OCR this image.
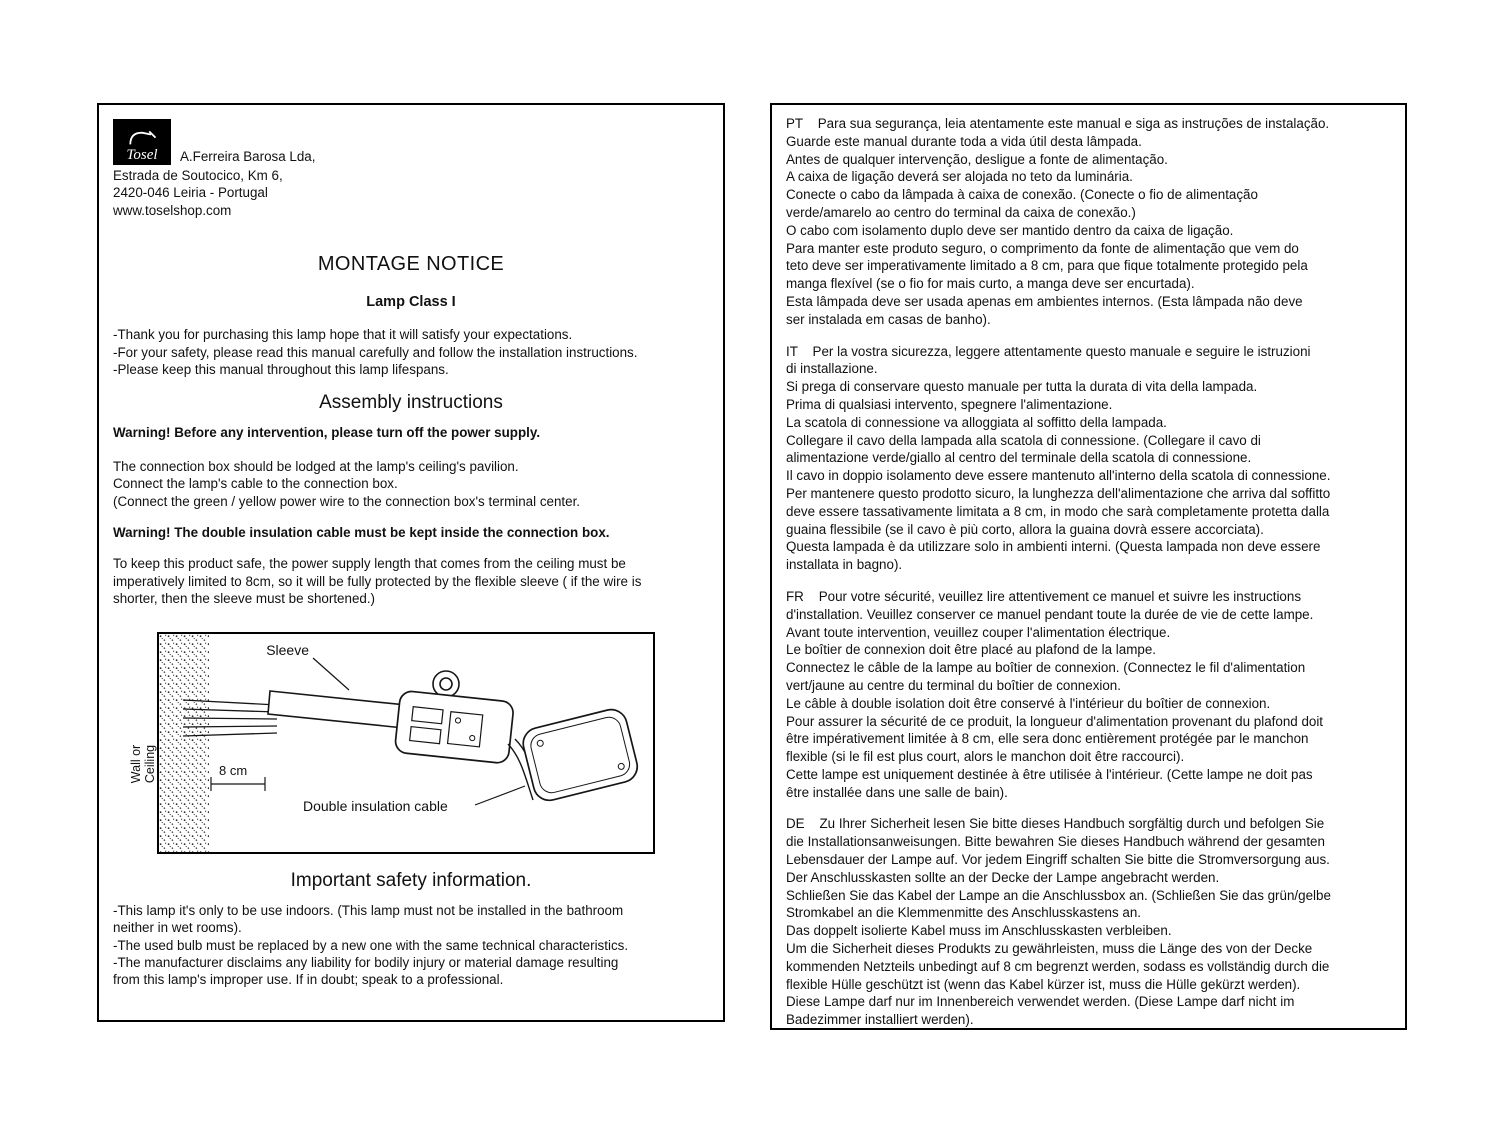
Tosel A.Ferreira Barosa Lda,
Estrada de Soutocico, Km 6,
2420-046 Leiria - Portugal
www.toselshop.com
MONTAGE NOTICE
Lamp Class I
-Thank you for purchasing this lamp hope that it will satisfy your expectations.
-For your safety, please read this manual carefully and follow the installation instructions.
-Please keep this manual throughout this lamp lifespans.
Assembly instructions
Warning! Before any intervention, please turn off the power supply.
The connection box should be lodged at the lamp's ceiling's pavilion.
Connect the lamp's cable to the connection box.
(Connect the green / yellow power wire to the connection box's terminal center.
Warning! The double insulation cable must be kept inside the connection box.
To keep this product safe, the power supply length that comes from the ceiling must be
imperatively limited to 8cm, so it will be fully protected by the flexible sleeve ( if the wire is
shorter, then the sleeve must be shortened.)
Wall or Ceiling	8 cm
Sleeve
Double insulation cable
Important safety information.
-This lamp it's only to be use indoors. (This lamp must not be installed in the bathroom
neither in wet rooms).
-The used bulb must be replaced by a new one with the same technical characteristics.
-The manufacturer disclaims any liability for bodily injury or material damage resulting
from this lamp's improper use. If in doubt; speak to a professional.
PT    Para sua segurança, leia atentamente este manual e siga as instruções de instalação.
Guarde este manual durante toda a vida útil desta lâmpada.
Antes de qualquer intervenção, desligue a fonte de alimentação.
A caixa de ligação deverá ser alojada no teto da luminária.
Conecte o cabo da lâmpada à caixa de conexão. (Conecte o fio de alimentação
verde/amarelo ao centro do terminal da caixa de conexão.)
O cabo com isolamento duplo deve ser mantido dentro da caixa de ligação.
Para manter este produto seguro, o comprimento da fonte de alimentação que vem do
teto deve ser imperativamente limitado a 8 cm, para que fique totalmente protegido pela
manga flexível (se o fio for mais curto, a manga deve ser encurtada).
Esta lâmpada deve ser usada apenas em ambientes internos. (Esta lâmpada não deve
ser instalada em casas de banho).
IT    Per la vostra sicurezza, leggere attentamente questo manuale e seguire le istruzioni
di installazione.
Si prega di conservare questo manuale per tutta la durata di vita della lampada.
Prima di qualsiasi intervento, spegnere l'alimentazione.
La scatola di connessione va alloggiata al soffitto della lampada.
Collegare il cavo della lampada alla scatola di connessione. (Collegare il cavo di
alimentazione verde/giallo al centro del terminale della scatola di connessione.
Il cavo in doppio isolamento deve essere mantenuto all'interno della scatola di connessione.
Per mantenere questo prodotto sicuro, la lunghezza dell'alimentazione che arriva dal soffitto
deve essere tassativamente limitata a 8 cm, in modo che sarà completamente protetta dalla
guaina flessibile (se il cavo è più corto, allora la guaina dovrà essere accorciata).
Questa lampada è da utilizzare solo in ambienti interni. (Questa lampada non deve essere
installata in bagno).
FR    Pour votre sécurité, veuillez lire attentivement ce manuel et suivre les instructions
d'installation. Veuillez conserver ce manuel pendant toute la durée de vie de cette lampe.
Avant toute intervention, veuillez couper l'alimentation électrique.
Le boîtier de connexion doit être placé au plafond de la lampe.
Connectez le câble de la lampe au boîtier de connexion. (Connectez le fil d'alimentation
vert/jaune au centre du terminal du boîtier de connexion.
Le câble à double isolation doit être conservé à l'intérieur du boîtier de connexion.
Pour assurer la sécurité de ce produit, la longueur d'alimentation provenant du plafond doit
être impérativement limitée à 8 cm, elle sera donc entièrement protégée par le manchon
flexible (si le fil est plus court, alors le manchon doit être raccourci).
Cette lampe est uniquement destinée à être utilisée à l'intérieur. (Cette lampe ne doit pas
être installée dans une salle de bain).
DE    Zu Ihrer Sicherheit lesen Sie bitte dieses Handbuch sorgfältig durch und befolgen Sie
die Installationsanweisungen. Bitte bewahren Sie dieses Handbuch während der gesamten
Lebensdauer der Lampe auf. Vor jedem Eingriff schalten Sie bitte die Stromversorgung aus.
Der Anschlusskasten sollte an der Decke der Lampe angebracht werden.
Schließen Sie das Kabel der Lampe an die Anschlussbox an. (Schließen Sie das grün/gelbe
Stromkabel an die Klemmenmitte des Anschlusskastens an.
Das doppelt isolierte Kabel muss im Anschlusskasten verbleiben.
Um die Sicherheit dieses Produkts zu gewährleisten, muss die Länge des von der Decke
kommenden Netzteils unbedingt auf 8 cm begrenzt werden, sodass es vollständig durch die
flexible Hülle geschützt ist (wenn das Kabel kürzer ist, muss die Hülle gekürzt werden).
Diese Lampe darf nur im Innenbereich verwendet werden. (Diese Lampe darf nicht im
Badezimmer installiert werden).
